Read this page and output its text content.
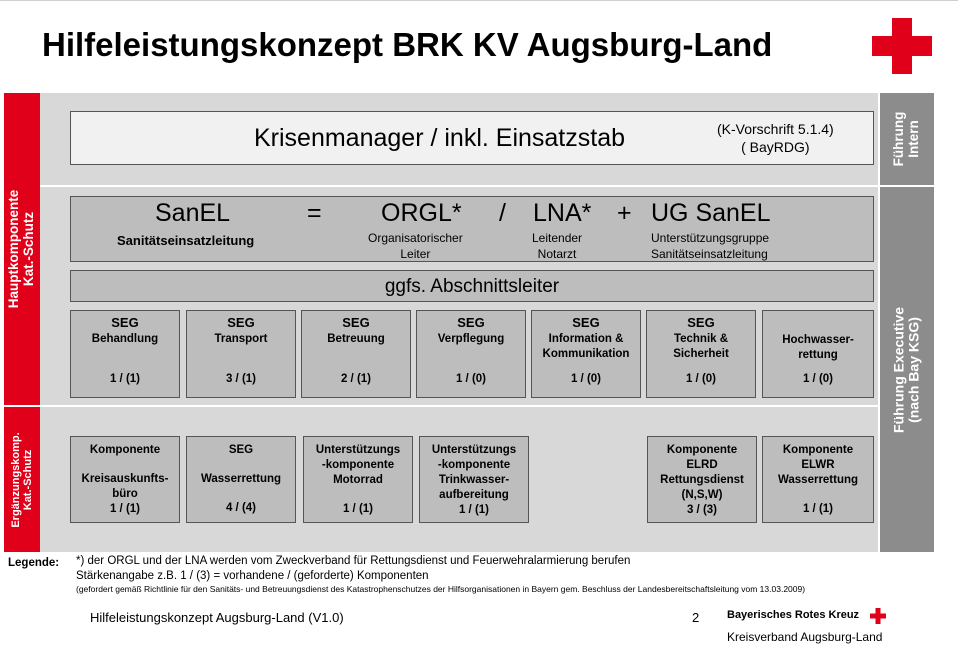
Hilfeleistungskonzept BRK KV Augsburg-Land
Hauptkomponente Kat.-Schutz
Ergänzungskomp. Kat.-Schutz
Führung Intern
Führung Executive (nach Bay KSG)
Krisenmanager / inkl. Einsatzstab	(K-Vorschrift 5.1.4)
( BayRDG)
SanEL
Sanitätseinsatzleitung
= ORGL*
Organisatorischer
Leiter
/ LNA*
Leitender
Notarzt
+ UG SanEL
Unterstützungsgruppe
Sanitätseinsatzleitung
ggfs. Abschnittsleiter
SEG
Behandlung
1 / (1)
SEG
Transport
3 / (1)
SEG
Betreuung
2 / (1)
SEG
Verpflegung
1 / (0)
SEG
Information &
Kommunikation
1 / (0)
SEG
Technik &
Sicherheit
1 / (0)
Hochwasser-
rettung
1 / (0)
Komponente
Kreisauskunfts-
büro
1 / (1)
SEG
Wasserrettung
4 / (4)
Unterstützungs
-komponente
Motorrad
1 / (1)
Unterstützungs
-komponente
Trinkwasser-
aufbereitung
1 / (1)
Komponente
ELRD
Rettungsdienst
(N,S,W)
3 / (3)
Komponente
ELWR
Wasserrettung
1 / (1)
Legende: *) der ORGL und der LNA werden vom Zweckverband für Rettungsdienst und Feuerwehralarmierung berufen
Stärkenangabe z.B. 1 / (3) = vorhandene / (geforderte) Komponenten
(gefordert gemäß Richtlinie für den Sanitäts- und Betreuungsdienst des Katastrophenschutzes der Hilfsorganisationen in Bayern gem. Beschluss der Landesbereitschaftsleitung vom 13.03.2009)
Hilfeleistungskonzept Augsburg-Land (V1.0)	2	Bayerisches Rotes Kreuz
Kreisverband Augsburg-Land
